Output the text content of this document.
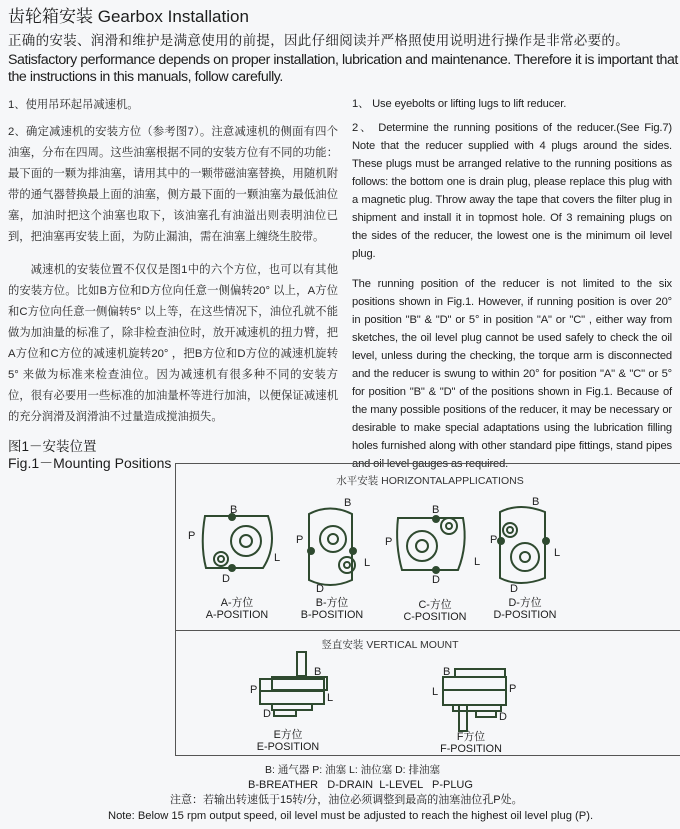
齿轮箱安装 Gearbox Installation
正确的安装、润滑和维护是满意使用的前提，因此仔细阅读并严格照使用说明进行操作是非常必要的。
Satisfactory performance depends on proper installation, lubrication and maintenance. Therefore it is important that the instructions in this manuals, follow carefully.
1、使用吊环起吊减速机。
2、确定减速机的安装方位（参考图7）。注意减速机的侧面有四个油塞，分布在四周。这些油塞根据不同的安装方位有不同的功能：最下面的一颗为排油塞，请用其中的一颗带磁油塞替换，用随机附带的通气器替换最上面的油塞，侧方最下面的一颗油塞为最低油位塞，加油时把这个油塞也取下，该油塞孔有油溢出则表明油位已到，把油塞再安装上面，为防止漏油，需在油塞上缠绕生胶带。
减速机的安装位置不仅仅是图1中的六个方位，也可以有其他的安装方位。比如B方位和D方位向任意一侧偏转20° 以上，A方位和C方位向任意一侧偏转5° 以上等，在这些情况下，油位孔就不能做为加油量的标准了，除非检查油位时，放开减速机的扭力臂，把A方位和C方位的减速机旋转20° ，把B方位和D方位的减速机旋转5° 来做为标准来检查油位。因为减速机有很多种不同的安装方位，很有必要用一些标准的加油量杯等进行加油，以便保证减速机的充分润滑及润滑油不过量造成搅油损失。
图1－安装位置
Fig.1－Mounting Positions
1、 Use eyebolts or lifting lugs to lift reducer.
2、 Determine the running positions of the reducer.(See Fig.7) Note that the reducer supplied with 4 plugs around the sides. These plugs must be arranged relative to the running positions as follows: the bottom one is drain plug, please replace this plug with a magnetic plug. Throw away the tape that covers the filter plug in shipment and install it in topmost hole. Of 3 remaining plugs on the sides of the reducer, the lowest one is the minimum oil level plug.
The running position of the reducer is not limited to the six positions shown in Fig.1. However, if running position is over 20° in position "B" & "D" or 5° in position "A" or "C" , either way from sketches, the oil level plug cannot be used safely to check the oil level, unless during the checking, the torque arm is disconnected and the reducer is swung to within 20° for position "A" & "C" or 5° for position "B" & "D" of the positions shown in Fig.1. Because of the many possible positions of the reducer, it may be necessary or desirable to make special adaptations using the lubrication filling holes furnished along with other standard pipe fittings, stand pipes and oil level gauges as required.
水平安装 HORIZONTALAPPLICATIONS
竖直安装 VERTICAL MOUNT
B
P
L
D
B
P
L
D
B
P
L
D
B
P
L
D
B
P
L
D
B
L	P
D
A-方位
A-POSITION
B-方位
B-POSITION
C-方位
C-POSITION
D-方位
D-POSITION
E方位
E-POSITION
F方位
F-POSITION
B: 通气器 P: 油塞 L: 油位塞 D: 排油塞
B-BREATHER   D-DRAIN  L-LEVEL   P-PLUG
注意：若输出转速低于15转/分，油位必须调整到最高的油塞油位孔P处。
Note: Below 15 rpm output speed, oil level must be adjusted to reach the highest oil level plug (P).
